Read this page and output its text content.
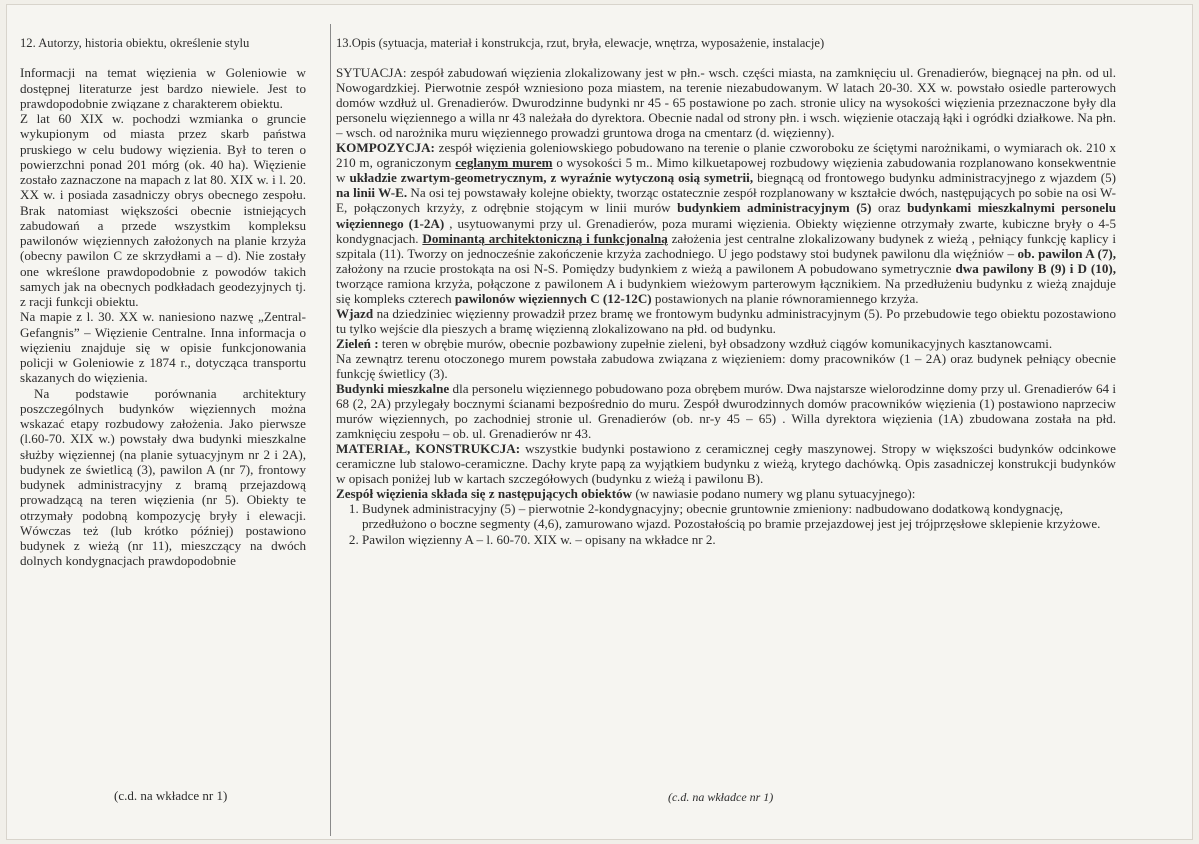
12. Autorzy, historia obiektu, określenie stylu

Informacji na temat więzienia w Goleniowie w dostępnej literaturze jest bardzo niewiele. Jest to prawdopodobnie związane z charakterem obiektu.

Z lat 60 XIX w. pochodzi wzmianka o gruncie wykupionym od miasta przez skarb państwa pruskiego w celu budowy więzienia. Był to teren o powierzchni ponad 201 mórg (ok. 40 ha). Więzienie zostało zaznaczone na mapach z lat 80. XIX w. i l. 20. XX w. i posiada zasadniczy obrys obecnego zespołu. Brak natomiast większości obecnie istniejących zabudowań a przede wszystkim kompleksu pawilonów więziennych założonych na planie krzyża (obecny pawilon C ze skrzydłami a – d). Nie zostały one wkreślone prawdopodobnie z powodów takich samych jak na obecnych podkładach geodezyjnych tj. z racji funkcji obiektu.

Na mapie z l. 30. XX w. naniesiono nazwę „Zentral-Gefangnis” – Więzienie Centralne. Inna informacja o więzieniu znajduje się w opisie funkcjonowania policji w Goleniowie z 1874 r., dotycząca transportu skazanych do więzienia.

Na podstawie porównania architektury poszczególnych budynków więziennych można wskazać etapy rozbudowy założenia. Jako pierwsze (l.60-70. XIX w.) powstały dwa budynki mieszkalne służby więziennej (na planie sytuacyjnym nr 2 i 2A), budynek ze świetlicą (3), pawilon A (nr 7), frontowy budynek administracyjny z bramą przejazdową prowadzącą na teren więzienia (nr 5). Obiekty te otrzymały podobną kompozycję bryły i elewacji. Wówczas też (lub krótko później) postawiono budynek z wieżą (nr 11), mieszczący na dwóch dolnych kondygnacjach prawdopodobnie

(c.d. na wkładce nr 1)
13.Opis (sytuacja, materiał i konstrukcja, rzut, bryła, elewacje, wnętrza, wyposażenie, instalacje)

SYTUACJA: zespół zabudowań więzienia zlokalizowany jest w płn.- wsch. części miasta, na zamknięciu ul. Grenadierów, biegnącej na płn. od ul. Nowogardzkiej. Pierwotnie zespół wzniesiono poza miastem, na terenie niezabudowanym. W latach 20-30. XX w. powstało osiedle parterowych domów wzdłuż ul. Grenadierów. Dwurodzinne budynki nr 45 - 65 postawione po zach. stronie ulicy na wysokości więzienia przeznaczone były dla personelu więziennego a willa nr 43 należała do dyrektora. Obecnie nadal od strony płn. i wsch. więzienie otaczają łąki i ogródki działkowe. Na płn. – wsch. od narożnika muru więziennego prowadzi gruntowa droga na cmentarz (d. więzienny).

KOMPOZYCJA: zespół więzienia goleniowskiego pobudowano na terenie o planie czworoboku ze ściętymi narożnikami, o wymiarach ok. 210 x 210 m, ograniczonym ceglanym murem o wysokości 5 m.. Mimo kilkuetapowej rozbudowy więzienia zabudowania rozplanowano konsekwentnie w układzie zwartym-geometrycznym, z wyraźnie wytyczoną osią symetrii, biegnącą od frontowego budynku administracyjnego z wjazdem (5) na linii W-E. Na osi tej powstawały kolejne obiekty, tworząc ostatecznie zespół rozplanowany w kształcie dwóch, następujących po sobie na osi W-E, połączonych krzyży, z odrębnie stojącym w linii murów budynkiem administracyjnym (5) oraz budynkami mieszkalnymi personelu więziennego (1-2A) , usytuowanymi przy ul. Grenadierów, poza murami więzienia. Obiekty więzienne otrzymały zwarte, kubiczne bryły o 4-5 kondygnacjach. Dominantą architektoniczną i funkcjonalną założenia jest centralne zlokalizowany budynek z wieżą , pełniący funkcję kaplicy i szpitala (11). Tworzy on jednocześnie zakończenie krzyża zachodniego. U jego podstawy stoi budynek pawilonu dla więźniów – ob. pawilon A (7), założony na rzucie prostokąta na osi N-S. Pomiędzy budynkiem z wieżą a pawilonem A pobudowano symetrycznie dwa pawilony B (9) i D (10), tworzące ramiona krzyża, połączone z pawilonem A i budynkiem wieżowym parterowym łącznikiem. Na przedłużeniu budynku z wieżą znajduje się kompleks czterech pawilonów więziennych C (12-12C) postawionych na planie równoramiennego krzyża.

Wjazd na dziedziniec więzienny prowadził przez bramę we frontowym budynku administracyjnym (5). Po przebudowie tego obiektu pozostawiono tu tylko wejście dla pieszych a bramę więzienną zlokalizowano na płd. od budynku.

Zieleń : teren w obrębie murów, obecnie pozbawiony zupełnie zieleni, był obsadzony wzdłuż ciągów komunikacyjnych kasztanowcami.

Na zewnątrz terenu otoczonego murem powstała zabudowa związana z więzieniem: domy pracowników (1 – 2A) oraz budynek pełniący obecnie funkcję świetlicy (3).

Budynki mieszkalne dla personelu więziennego pobudowano poza obrębem murów. Dwa najstarsze wielorodzinne domy przy ul. Grenadierów 64 i 68 (2, 2A) przylegały bocznymi ścianami bezpośrednio do muru. Zespół dwurodzinnych domów pracowników więzienia (1) postawiono naprzeciw murów więziennych, po zachodniej stronie ul. Grenadierów (ob. nr-y 45 – 65) . Willa dyrektora więzienia (1A) zbudowana została na płd. zamknięciu zespołu – ob. ul. Grenadierów nr 43.

MATERIAŁ, KONSTRUKCJA: wszystkie budynki postawiono z ceramicznej cegły maszynowej. Stropy w większości budynków odcinkowe ceramiczne lub stalowo-ceramiczne. Dachy kryte papą za wyjątkiem budynku z wieżą, krytego dachówką. Opis zasadniczej konstrukcji budynków w opisach poniżej lub w kartach szczegółowych (budynku z wieżą i pawilonu B).

Zespół więzienia składa się z następujących obiektów (w nawiasie podano numery wg planu sytuacyjnego):

1. Budynek administracyjny (5) – pierwotnie 2-kondygnacyjny; obecnie gruntownie zmieniony: nadbudowano dodatkową kondygnację, przedłużono o boczne segmenty (4,6), zamurowano wjazd. Pozostałością po bramie przejazdowej jest jej trójprzęsłowe sklepienie krzyżowe.
2. Pawilon więzienny A – l. 60-70. XIX w. – opisany na wkładce nr 2.
(c.d. na wkładce nr 1)
